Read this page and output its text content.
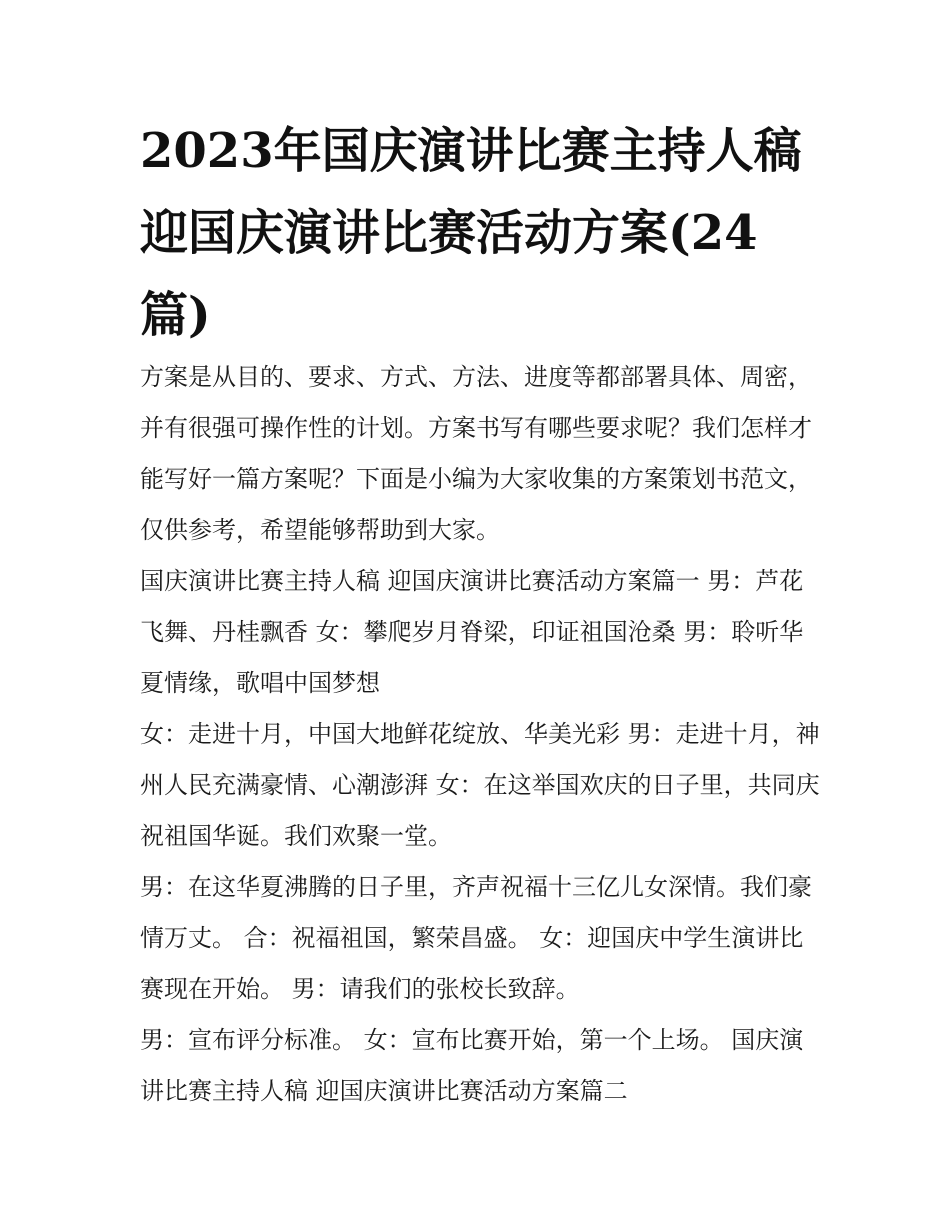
2023年国庆演讲比赛主持人稿 迎国庆演讲比赛活动方案(24篇)

方案是从目的、要求、方式、方法、进度等都部署具体、周密，并有很强可操作性的计划。方案书写有哪些要求呢？我们怎样才能写好一篇方案呢？下面是小编为大家收集的方案策划书范文，仅供参考，希望能够帮助到大家。

国庆演讲比赛主持人稿 迎国庆演讲比赛活动方案篇一 男：芦花飞舞、丹桂飘香 女：攀爬岁月脊梁，印证祖国沧桑 男：聆听华夏情缘，歌唱中国梦想

女：走进十月，中国大地鲜花绽放、华美光彩 男：走进十月，神州人民充满豪情、心潮澎湃 女：在这举国欢庆的日子里，共同庆祝祖国华诞。我们欢聚一堂。

男：在这华夏沸腾的日子里，齐声祝福十三亿儿女深情。我们豪情万丈。 合：祝福祖国，繁荣昌盛。 女：迎国庆中学生演讲比赛现在开始。 男：请我们的张校长致辞。

男：宣布评分标准。 女：宣布比赛开始，第一个上场。 国庆演讲比赛主持人稿 迎国庆演讲比赛活动方案篇二
